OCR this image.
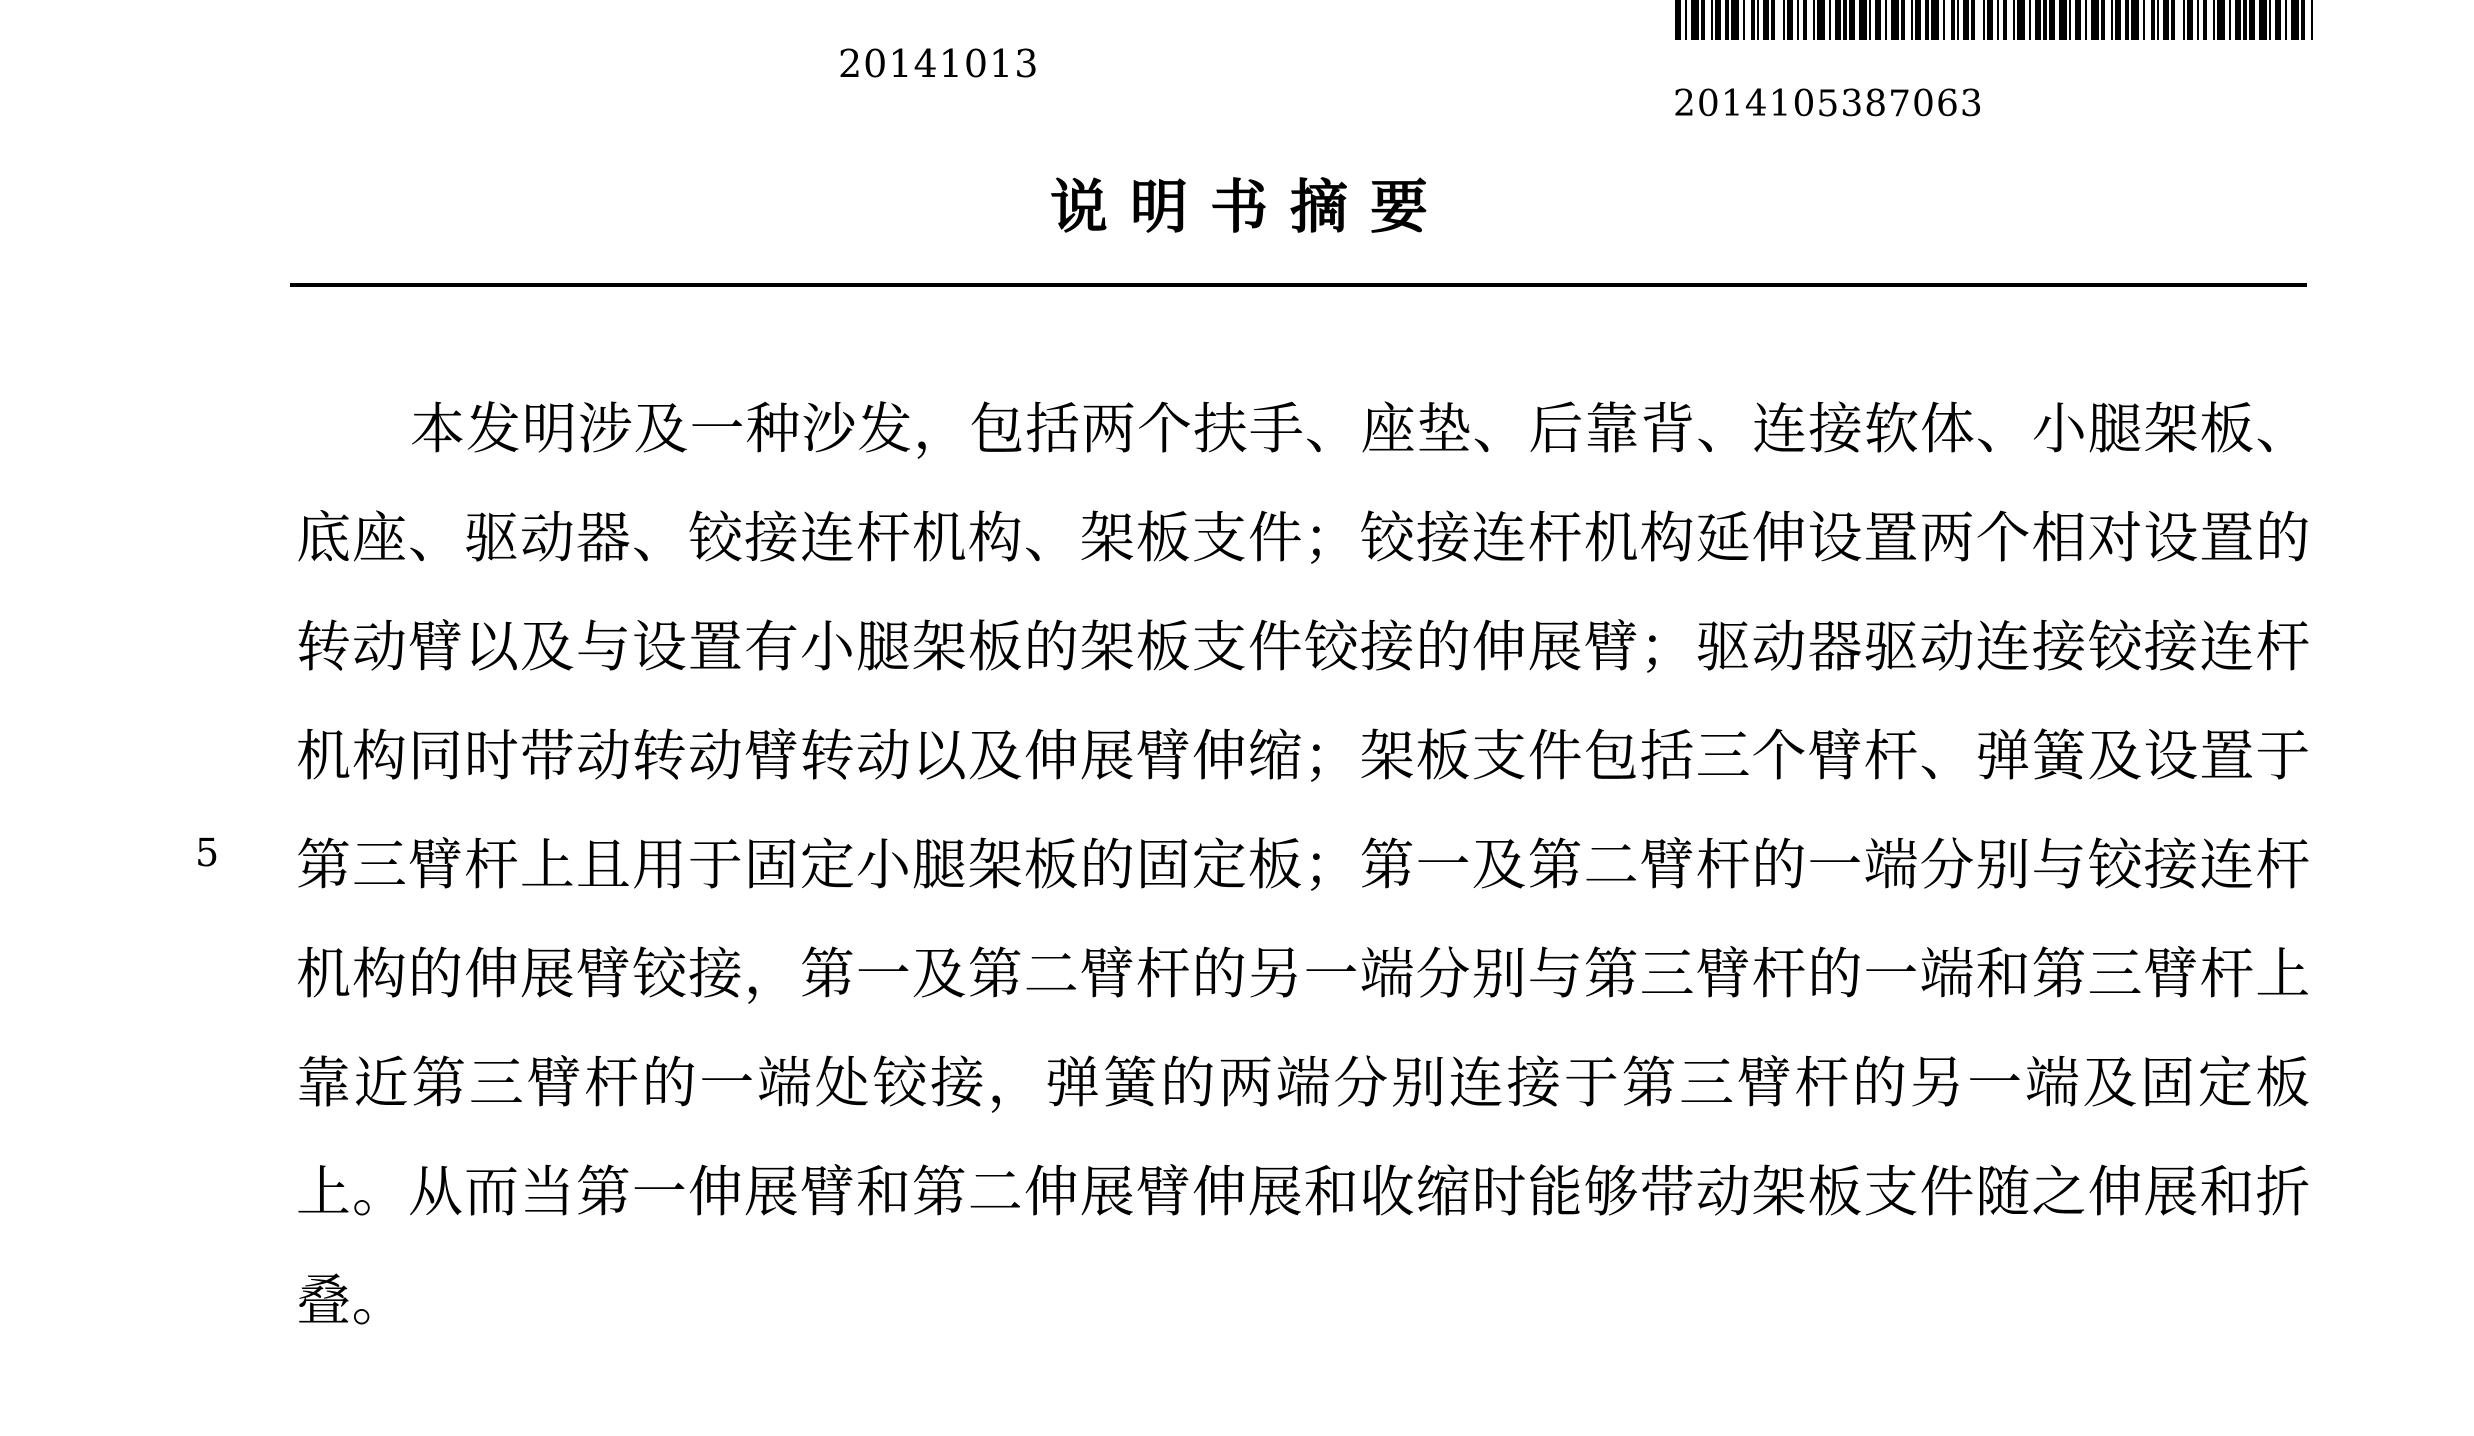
20141013
2014105387063
说明书摘要

本发明涉及一种沙发，包括两个扶手、座垫、后靠背、连接软体、小腿架板、底座、驱动器、铰接连杆机构、架板支件；铰接连杆机构延伸设置两个相对设置的转动臂以及与设置有小腿架板的架板支件铰接的伸展臂；驱动器驱动连接铰接连杆机构同时带动转动臂转动以及伸展臂伸缩；架板支件包括三个臂杆、弹簧及设置于第三臂杆上且用于固定小腿架板的固定板；第一及第二臂杆的一端分别与铰接连杆机构的伸展臂铰接，第一及第二臂杆的另一端分别与第三臂杆的一端和第三臂杆上靠近第三臂杆的一端处铰接，弹簧的两端分别连接于第三臂杆的另一端及固定板上。从而当第一伸展臂和第二伸展臂伸展和收缩时能够带动架板支件随之伸展和折叠。

5
